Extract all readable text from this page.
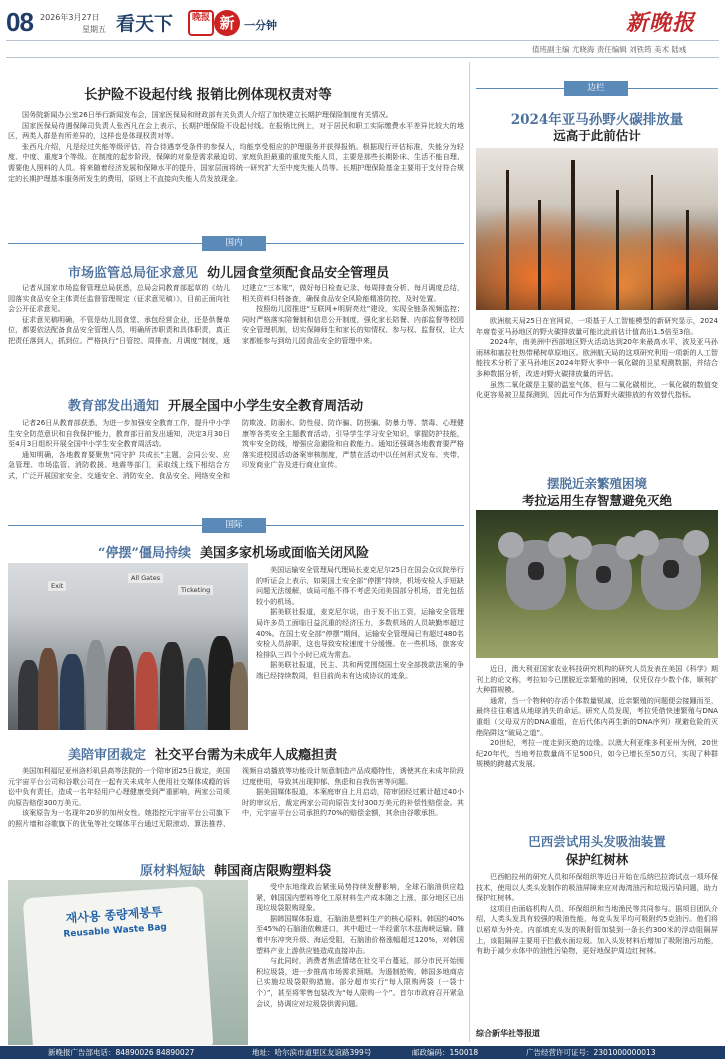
08 2026年3月27日
星期五 看天下	晚报 新 一分钟	新晚报
值班副主编 尤晓海 责任编辑 刘铁筠 美术 陆彧
长护险不设起付线 报销比例体现权责对等

国务院新闻办公室26日举行新闻发布会，国家医保局和财政部有关负责人介绍了加快建立长期护理保险制度有关情况。

国家医保局待遇保障司负责人张西凡在会上表示，长期护理保险不设起付线。在报销比例上，对于居民和职工实际缴费水平差异比较大的地区，两类人群是有所差异的，这样也是体现权责对等。

张西凡介绍，凡是经过失能等级评估，符合待遇享受条件的参保人，均能享受相应的护理服务并获得报销。根据现行评估标准，失能分为轻度、中度、重度3个等级。在制度的起步阶段，保障的对象是需求最迫切、家庭负担最重的重度失能人员，主要是那些长期卧床、生活不能自理、需要他人照料的人员。将来随着经济发展和保障水平的提升，国家层面将统一研究扩大至中度失能人员等。长期护理保险基金主要用于支付符合规定的长期护理基本服务所发生的费用，原则上不直接向失能人员发放现金。

国内
市场监管总局征求意见 幼儿园食堂须配食品安全管理员

记者从国家市场监督管理总局获悉，总局会同教育部起草的《幼儿园落实食品安全主体责任监督管理规定（征求意见稿）》，目前正面向社会公开征求意见。

征求意见稿明确，不管是幼儿园食堂、承包经营企业，还是供餐单位，都要依法配备食品安全管理人员，明确所涉职责和具体职责，真正把责任落到人，抓到位。严格执行“日管控、周排查、月调度”制度，通过建立“三本账”，做好每日检查记录、每周排查分析、每月调度总结，相关资料归档备查，确保食品安全风险能精准防控、及时处置。

按照幼儿园推进“互联网+明厨亮灶”建设，实现全链条视频监控；同时严格落实陪餐制和信息公开制度，强化家长陪餐、内部监督等校园安全管理机制，切实保障师生和家长的知情权、参与权、监督权，让大家都能参与到幼儿园食品安全的管理中来。

教育部发出通知 开展全国中小学生安全教育周活动

记者26日从教育部获悉，为进一步加强安全教育工作，提升中小学生安全防范意识和自我保护能力，教育部日前发出通知，决定3月30日至4月3日组织开展全国中小学生安全教育周活动。

通知明确，各地教育要聚焦“同守护 共成长”主题，会同公安、应急管理、市场监管、消防救援、地震等部门，采取线上线下相结合方式，广泛开展国家安全、交通安全、消防安全、食品安全、网络安全和防欺凌、防溺水、防性侵、防诈骗、防拐骗、防暴力等、禁毒、心理健康等各类安全主题教育活动，引导学生学习安全知识，掌握防护技能，筑牢安全防线，增强应急避险和自救能力。通知还强调各地教育要严格落实进校园活动备案审核制度，严禁在活动中以任何形式发布、夹带、印发商业广告及进行商业宣传。

国际
“停摆”僵局持续 美国多家机场或面临关闭风险
All Gates
Ticketing
Exit

美国运输安全管理局代理局长麦克尼尔25日在国会众议院举行的听证会上表示，如果国土安全部“停摆”持续，机场安检人手短缺问题无法缓解，该局可能不得不考虑关闭美国部分机场，首先包括较小的机场。

据美联社报道，麦克尼尔说，由于发不出工资，运输安全管理局许多员工面临日益沉重的经济压力，多数机场的人员缺勤率超过40%。在国土安全部“停摆”期间，运输安全管理局已有超过480名安检人员辞职，这也导致安检速度十分缓慢。在一些机场，旅客安检排队三四个小时已成为常态。

据美联社报道，民主、共和两党围绕国土安全部拨款法案的争端已经持续数周，但目前尚未有达成协议的迹象。

美陪审团裁定 社交平台需为未成年人成瘾担责

美国加利福尼亚州洛杉矶县高等法院的一个陪审团25日裁定，美国元宇宙平台公司和谷歌公司在一起有关未成年人使用社交媒体成瘾的诉讼中负有责任，造成一名年轻用户心理健康受到严重影响，两家公司须向原告赔偿300万美元。

该案原告为一名现年20岁的加州女性。她指控元宇宙平台公司旗下的照片墙和谷歌旗下的优兔等社交媒体平台通过无限滚动、算法推荐、视频自动播放等功能设计刻意制造产品成瘾特性，诱使其在未成年阶段过度使用，导致其出现抑郁、焦虑和自我伤害等问题。

据美国媒体报道，本案庭审自上月启动，陪审团经过累计超过40小时的审议后，裁定两家公司向原告支付300万美元的补偿性赔偿金。其中，元宇宙平台公司承担约70%的赔偿金额，其余由谷歌承担。

原材料短缺 韩国商店限购塑料袋
재사용 종량제봉투
Reusable Waste Bag

受中东地缘政治紧张局势持续发酵影响，全球石脑油供应趋紧，韩国国内塑料等化工原材料生产成本随之上涨，部分地区已出现垃圾袋限购现象。

据韩国媒体报道，石脑油是塑料生产的核心原料。韩国约40%至45%的石脑油依赖进口，其中超过一半经霍尔木兹海峡运输。随着中东冲突升级、海运受阻，石脑油价格涨幅超过120%，对韩国塑料产业上游供应链造成直接冲击。

与此同时，消费者焦虑情绪在社交平台蔓延，部分市民开始囤积垃圾袋，进一步推高市场需求预期。为遏制抢购，韩国多地商店已实施垃圾袋限购措施。部分超市实行“每人限购两袋（一袋十个）”，甚至将零售包装改为“每人限购一个”。首尔市政府召开紧急会议，协调应对垃圾袋供需问题。

边栏
2024年亚马孙野火碳排放量
远高于此前估计

欧洲航天局25日在官网说，一项基于人工智能模型的新研究显示，2024年席卷亚马孙地区的野火碳排放量可能比此前估计值高出1.5倍至3倍。

2024年，南美洲中西部地区野火活动达到20年来最高水平，波及亚马孙雨林和塞拉杜热带稀树草原地区。欧洲航天局的这项研究利用一项新的人工智能技术分析了亚马孙地区2024年野火季中一氧化碳的卫星观测数据，并结合多种数据分析，改进对野火碳排放量的评估。

虽然二氧化碳是主要的温室气体，但与二氧化碳相比，一氧化碳的数值变化更容易被卫星探测到，因此可作为估算野火碳排放的有效替代指标。

摆脱近亲繁殖困境
考拉运用生存智慧避免灭绝

近日，澳大利亚国家农业科技研究机构的研究人员发表在美国《科学》期刊上的论文称，考拉如今已摆脱近亲繁殖的困境，仅凭仅存少数个体，顺利扩大种群规模。

通常，当一个物种的存活个体数量锐减，近亲繁殖的问题便会接踵而至，最终往往难逃从地球消失的命运。研究人员发现，考拉凭借快速繁殖与DNA重组（父母双方的DNA重组，在后代体内再生新的DNA序列）规避危险的灭绝陷阱这“破局之道”。

20世纪，考拉一度走到灭绝的边缘。以澳大利亚维多利亚州为例，20世纪20年代，当地考拉数量尚不足500只，如今已增长至50万只，实现了种群规模的跨越式发展。

巴西尝试用头发吸油装置
保护红树林

巴西帕拉州的研究人员和环保组织等近日开始在瓜纳巴拉湾试点一项环保技术，使用以人类头发制作的吸油屏障来应对海湾油污和垃圾污染问题，助力保护红树林。

这项目由面临机构人员、环保组织和当地渔民等共同参与。据项目团队介绍，人类头发具有较强的吸油性能，每克头发平均可吸附约5克油污。他们将以稻草为外壳、内部填充头发的吸附管加装到一条长约300米的浮动阻隔屏上，该阻隔屏主要用于拦截水面垃圾。加入头发材料后增加了吸附油污功能，有助于减少水体中的油性污染物，更好地保护周边红树林。

综合新华社等报道
新晚报广告部电话：84890026 84890027	地址：哈尔滨市道里区友谊路399号	邮政编码：150018	广告经营许可证号：2301000000013
